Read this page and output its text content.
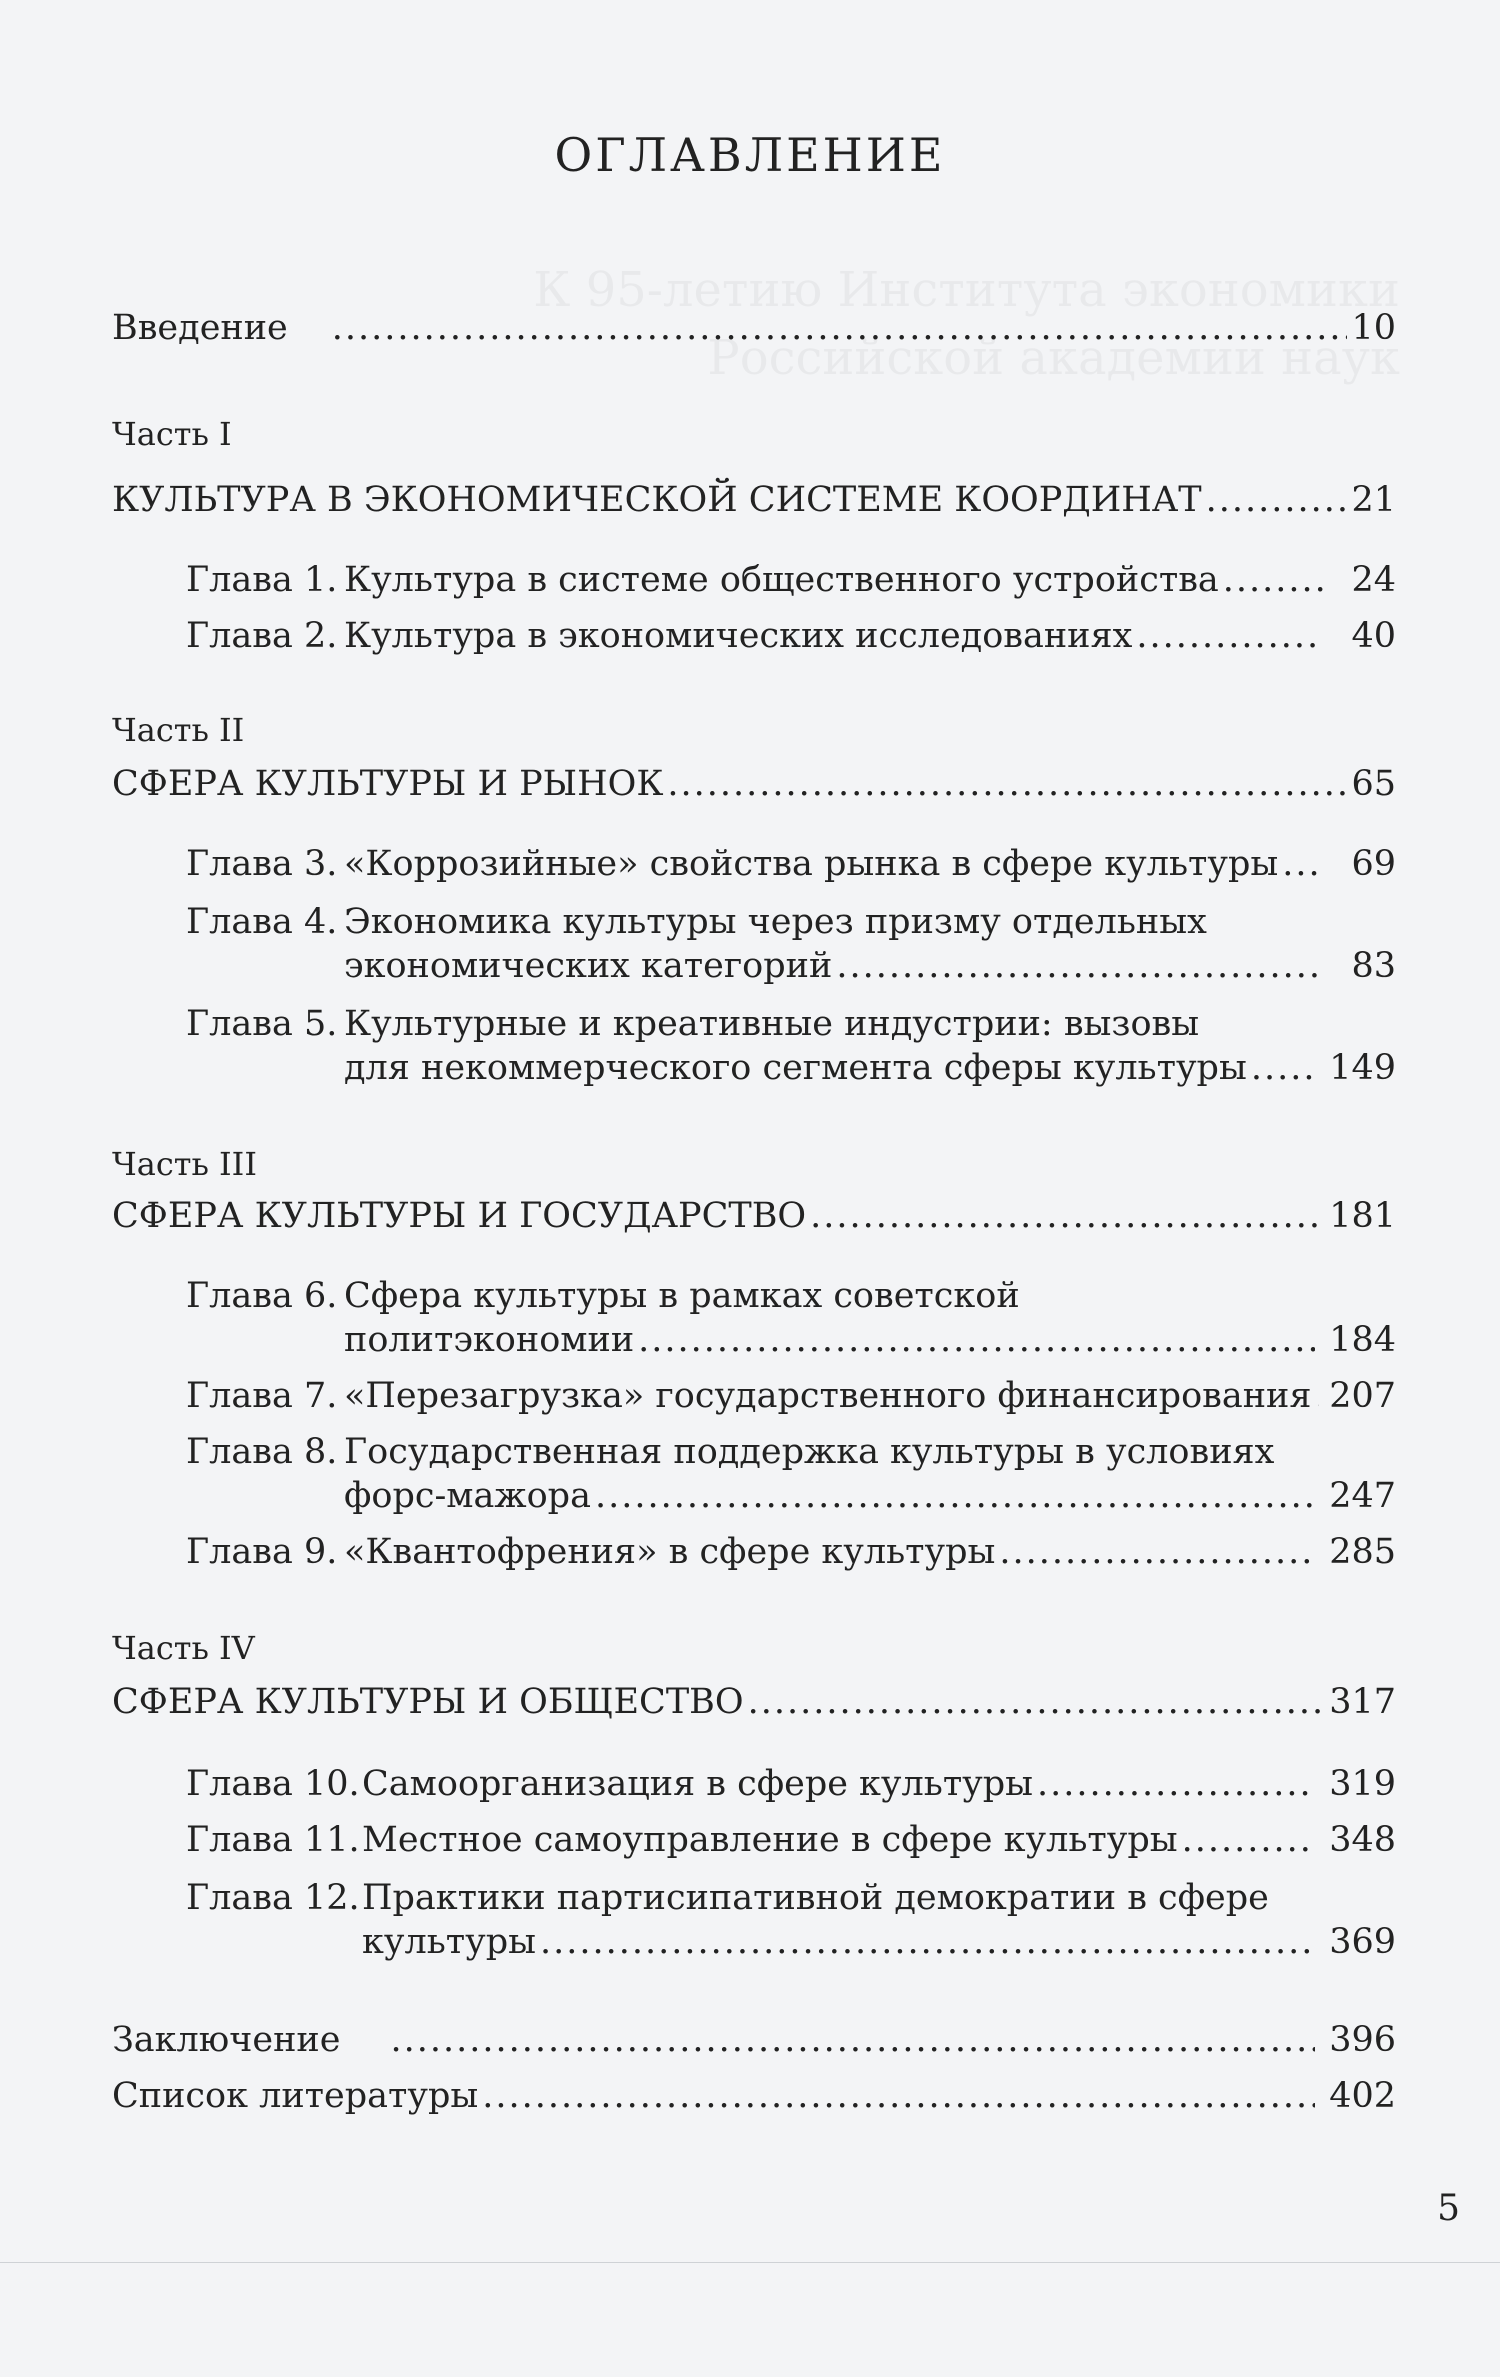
ОГЛАВЛЕНИЕ
Введение .....	10
Часть I
КУЛЬТУРА В ЭКОНОМИЧЕСКОЙ СИСТЕМЕ КООРДИНАТ .....	21
Глава 1. Культура в системе общественного устройства .....	24
Глава 2. Культура в экономических исследованиях .....	40
Часть II
СФЕРА КУЛЬТУРЫ И РЫНОК .....	65
Глава 3. «Коррозийные» свойства рынка в сфере культуры ..... 69
Глава 4. Экономика культуры через призму отдельных
экономических категорий .....	83
Глава 5. Культурные и креативные индустрии: вызовы
для некоммерческого сегмента сферы культуры ..... 149
Часть III
СФЕРА КУЛЬТУРЫ И ГОСУДАРСТВО .....	181
Глава 6. Сфера культуры в рамках советской
политэкономии .....	184
Глава 7. «Перезагрузка» государственного финансирования ..... 207
Глава 8. Государственная поддержка культуры в условиях
форс-мажора .....	247
Глава 9. «Квантофрения» в сфере культуры .....	285
Часть IV
СФЕРА КУЛЬТУРЫ И ОБЩЕСТВО .....	317
Глава 10. Самоорганизация в сфере культуры .....	319
Глава 11. Местное самоуправление в сфере культуры .....	348
Глава 12. Практики партисипативной демократии в сфере
культуры .....	369
Заключение .....	396
Список литературы .....	402
5
